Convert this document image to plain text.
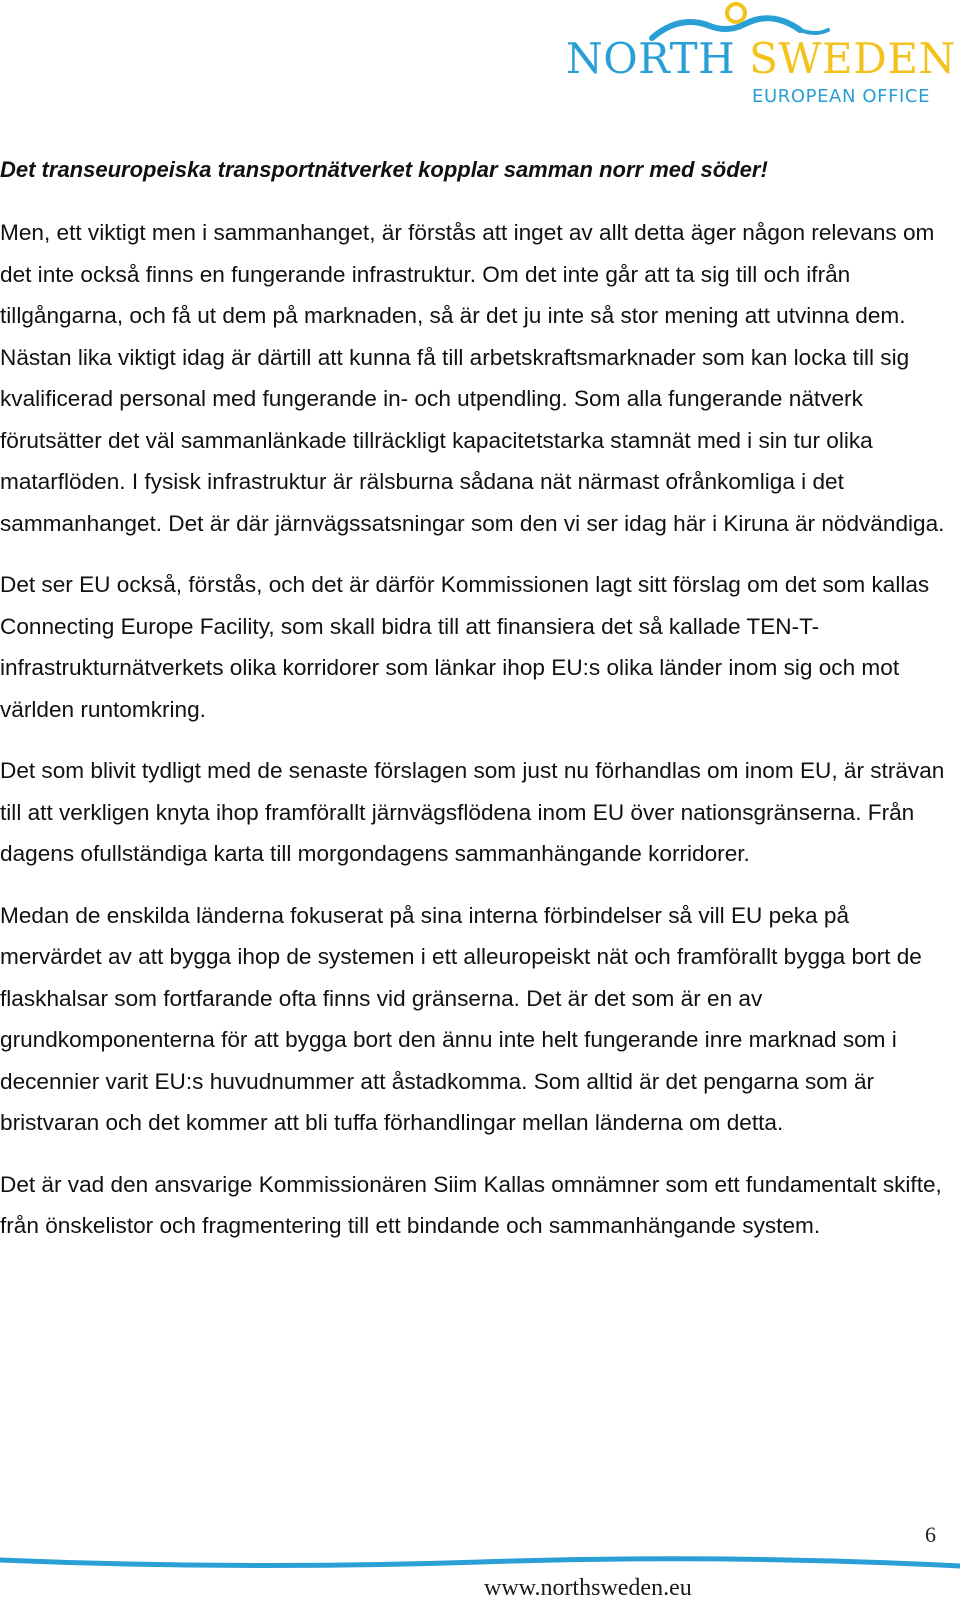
NORTH SWEDEN
EUROPEAN OFFICE
Det transeuropeiska transportnätverket kopplar samman norr med söder!

Men, ett viktigt men i sammanhanget, är förstås att inget av allt detta äger någon relevans om det inte också finns en fungerande infrastruktur. Om det inte går att ta sig till och ifrån tillgångarna, och få ut dem på marknaden, så är det ju inte så stor mening att utvinna dem. Nästan lika viktigt idag är därtill att kunna få till arbetskraftsmarknader som kan locka till sig kvalificerad personal med fungerande in- och utpendling. Som alla fungerande nätverk förutsätter det väl sammanlänkade tillräckligt kapacitetstarka stamnät med i sin tur olika matarflöden. I fysisk infrastruktur är rälsburna sådana nät närmast ofrånkomliga i det sammanhanget. Det är där järnvägssatsningar som den vi ser idag här i Kiruna är nödvändiga.

Det ser EU också, förstås, och det är därför Kommissionen lagt sitt förslag om det som kallas Connecting Europe Facility, som skall bidra till att finansiera det så kallade TEN-T-infrastrukturnätverkets olika korridorer som länkar ihop EU:s olika länder inom sig och mot världen runtomkring.

Det som blivit tydligt med de senaste förslagen som just nu förhandlas om inom EU, är strävan till att verkligen knyta ihop framförallt järnvägsflödena inom EU över nationsgränserna. Från dagens ofullständiga karta till morgondagens sammanhängande korridorer.

Medan de enskilda länderna fokuserat på sina interna förbindelser så vill EU peka på mervärdet av att bygga ihop de systemen i ett alleuropeiskt nät och framförallt bygga bort de flaskhalsar som fortfarande ofta finns vid gränserna. Det är det som är en av grundkomponenterna för att bygga bort den ännu inte helt fungerande inre marknad som i decennier varit EU:s huvudnummer att åstadkomma. Som alltid är det pengarna som är bristvaran och det kommer att bli tuffa förhandlingar mellan länderna om detta.

Det är vad den ansvarige Kommissionären Siim Kallas omnämner som ett fundamentalt skifte, från önskelistor och fragmentering till ett bindande och sammanhängande system.

6
www.northsweden.eu
